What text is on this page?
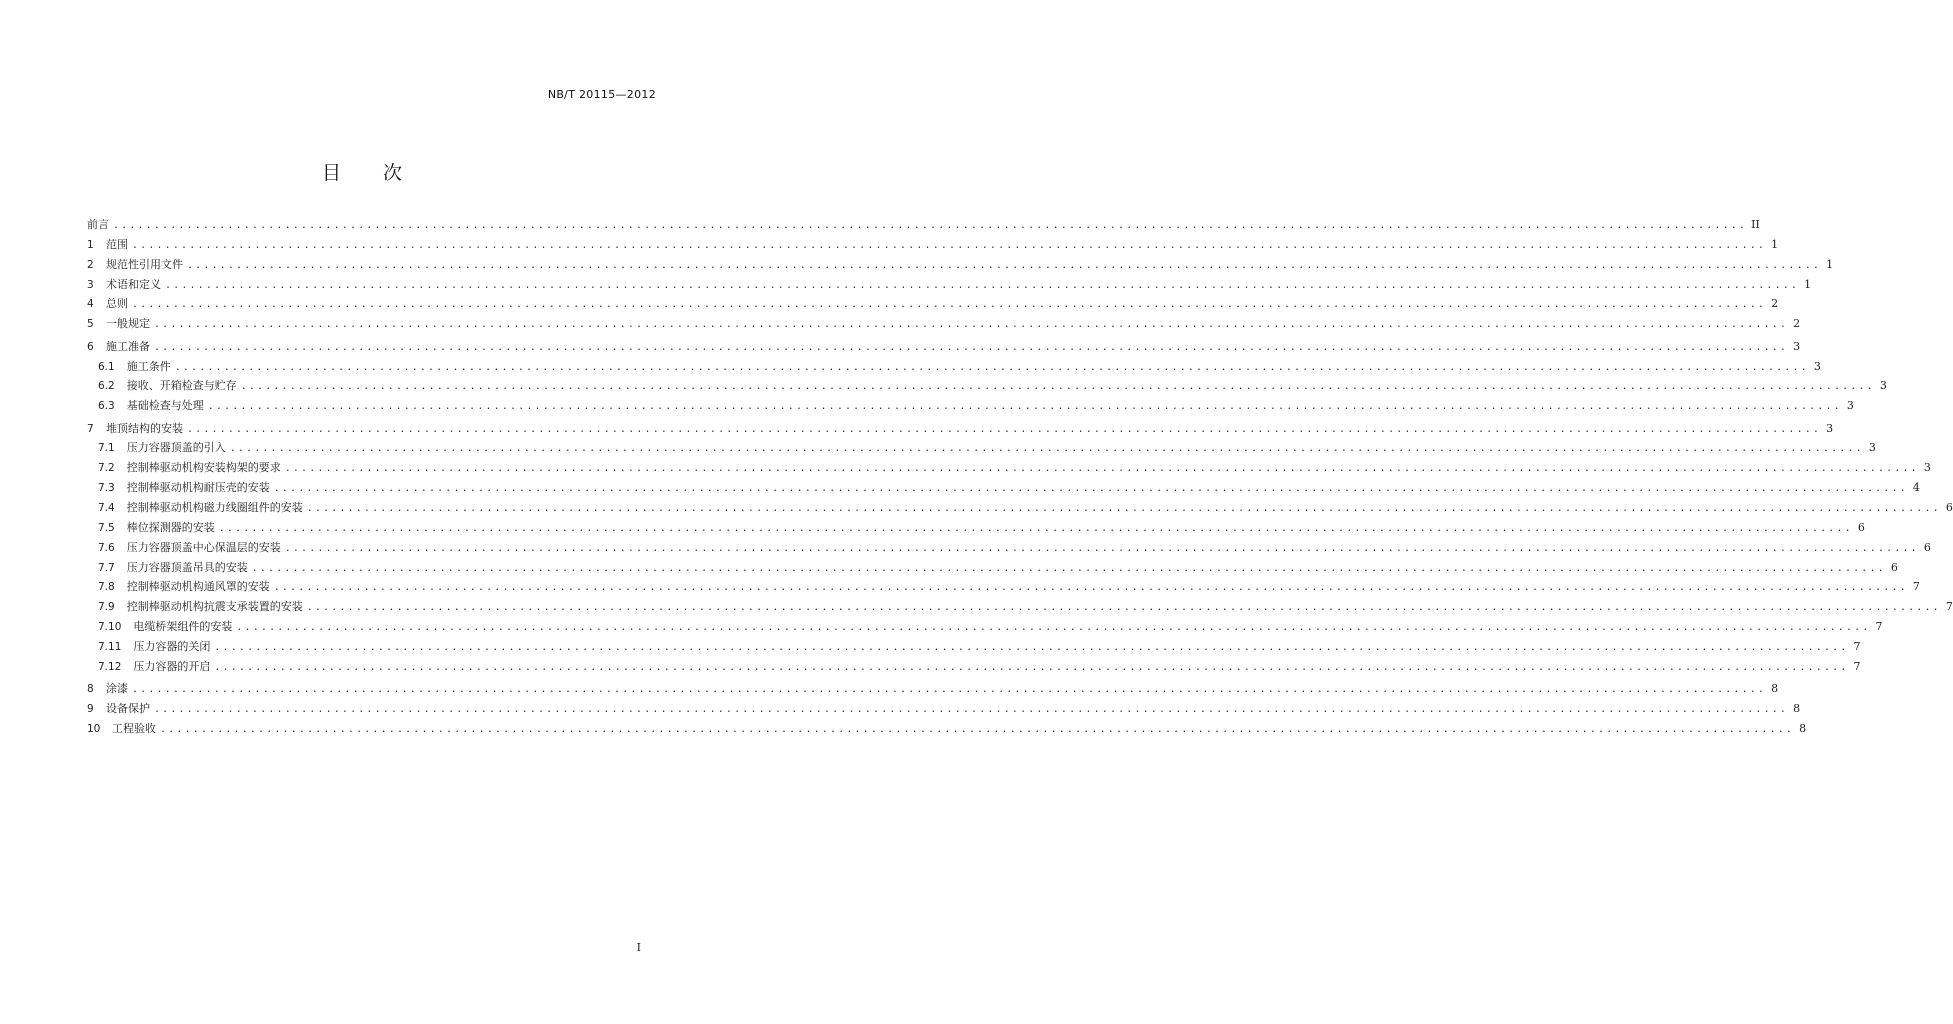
NB/T 20115—2012
目 次
前言 ........................................................................................................................................................................................................ II
1 范围 ........................................................................................................................................................................................................ 1
2 规范性引用文件 ........................................................................................................................................................................................................ 1
3 术语和定义 ........................................................................................................................................................................................................ 1
4 总则 ........................................................................................................................................................................................................ 2
5 一般规定 ........................................................................................................................................................................................................ 2
6 施工准备 ........................................................................................................................................................................................................ 3
6.1 施工条件 ........................................................................................................................................................................................................ 3
6.2 接收、开箱检查与贮存 ........................................................................................................................................................................................................ 3
6.3 基础检查与处理 ........................................................................................................................................................................................................ 3
7 堆顶结构的安装 ........................................................................................................................................................................................................ 3
7.1 压力容器顶盖的引入 ........................................................................................................................................................................................................ 3
7.2 控制棒驱动机构安装构架的要求 ........................................................................................................................................................................................................ 3
7.3 控制棒驱动机构耐压壳的安装 ........................................................................................................................................................................................................ 4
7.4 控制棒驱动机构磁力线圈组件的安装 ........................................................................................................................................................................................................ 6
7.5 棒位探测器的安装 ........................................................................................................................................................................................................ 6
7.6 压力容器顶盖中心保温层的安装 ........................................................................................................................................................................................................ 6
7.7 压力容器顶盖吊具的安装 ........................................................................................................................................................................................................ 6
7.8 控制棒驱动机构通风罩的安装 ........................................................................................................................................................................................................ 7
7.9 控制棒驱动机构抗震支承装置的安装 ........................................................................................................................................................................................................ 7
7.10 电缆桥架组件的安装 ........................................................................................................................................................................................................ 7
7.11 压力容器的关闭 ........................................................................................................................................................................................................ 7
7.12 压力容器的开启 ........................................................................................................................................................................................................ 7
8 涂漆 ........................................................................................................................................................................................................ 8
9 设备保护 ........................................................................................................................................................................................................ 8
10 工程验收 ........................................................................................................................................................................................................ 8
I
